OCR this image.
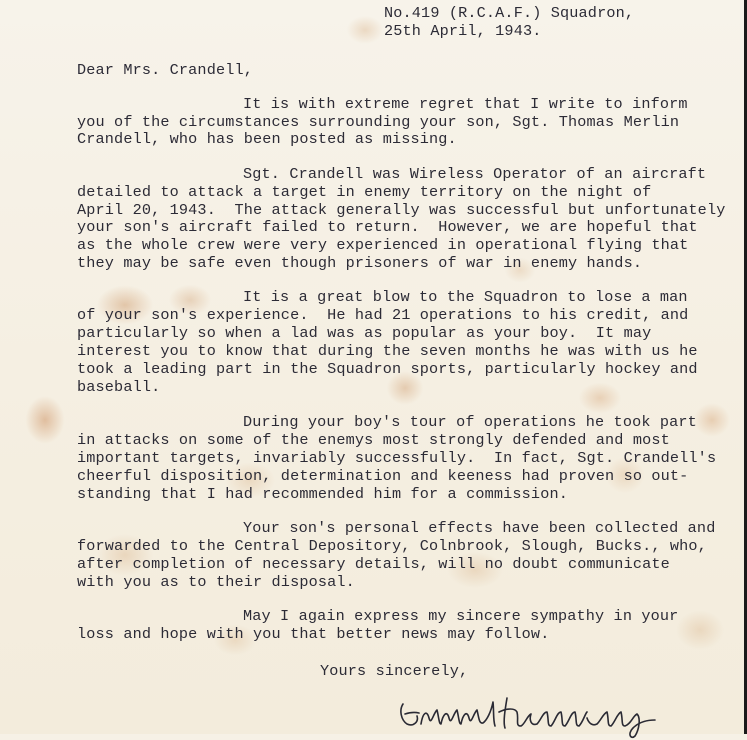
No.419 (R.C.A.F.) Squadron,
25th April, 1943.
Dear Mrs. Crandell,
It is with extreme regret that I write to inform
you of the circumstances surrounding your son, Sgt. Thomas Merlin
Crandell, who has been posted as missing.
Sgt. Crandell was Wireless Operator of an aircraft
detailed to attack a target in enemy territory on the night of
April 20, 1943.  The attack generally was successful but unfortunately
your son's aircraft failed to return.  However, we are hopeful that
as the whole crew were very experienced in operational flying that
they may be safe even though prisoners of war in enemy hands.
It is a great blow to the Squadron to lose a man
of your son's experience.  He had 21 operations to his credit, and
particularly so when a lad was as popular as your boy.  It may
interest you to know that during the seven months he was with us he
took a leading part in the Squadron sports, particularly hockey and
baseball.
During your boy's tour of operations he took part
in attacks on some of the enemys most strongly defended and most
important targets, invariably successfully.  In fact, Sgt. Crandell's
cheerful disposition, determination and keeness had proven so out-
standing that I had recommended him for a commission.
Your son's personal effects have been collected and
forwarded to the Central Depository, Colnbrook, Slough, Bucks., who,
after completion of necessary details, will no doubt communicate
with you as to their disposal.
May I again express my sincere sympathy in your
loss and hope with you that better news may follow.
Yours sincerely,
